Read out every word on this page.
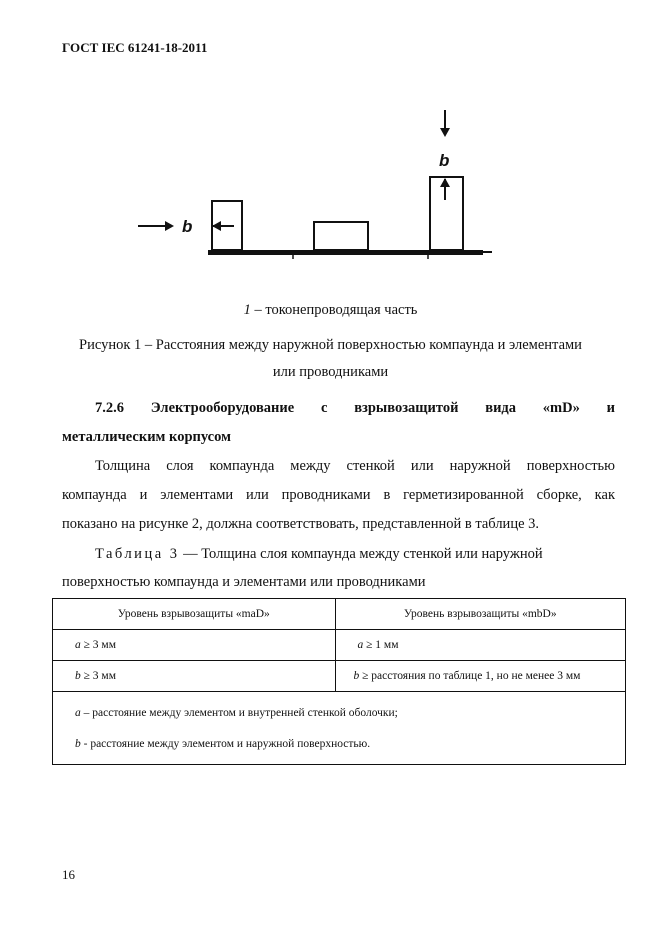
ГОСТ IEC 61241-18-2011
b
b
1 – токонепроводящая часть
Рисунок 1 – Расстояния между наружной поверхностью компаунда и элементами
или проводниками
7.2.6 Электрооборудование с взрывозащитой вида «mD» и
металлическим корпусом
Толщина слоя компаунда между стенкой или наружной поверхностью
компаунда и элементами или проводниками в герметизированной сборке, как
показано на рисунке 2, должна соответствовать, представленной в таблице 3.
Таблица 3 — Толщина слоя компаунда между стенкой или наружной
поверхностью компаунда и элементами или проводниками
Уровень взрывозащиты «maD»	Уровень взрывозащиты «mbD»
a ≥ 3 мм	a ≥ 1 мм
b ≥ 3 мм	b ≥ расстояния по таблице 1, но не менее 3 мм

a – расстояние между элементом и внутренней стенкой оболочки;
b - расстояние между элементом и наружной поверхностью.	
16
